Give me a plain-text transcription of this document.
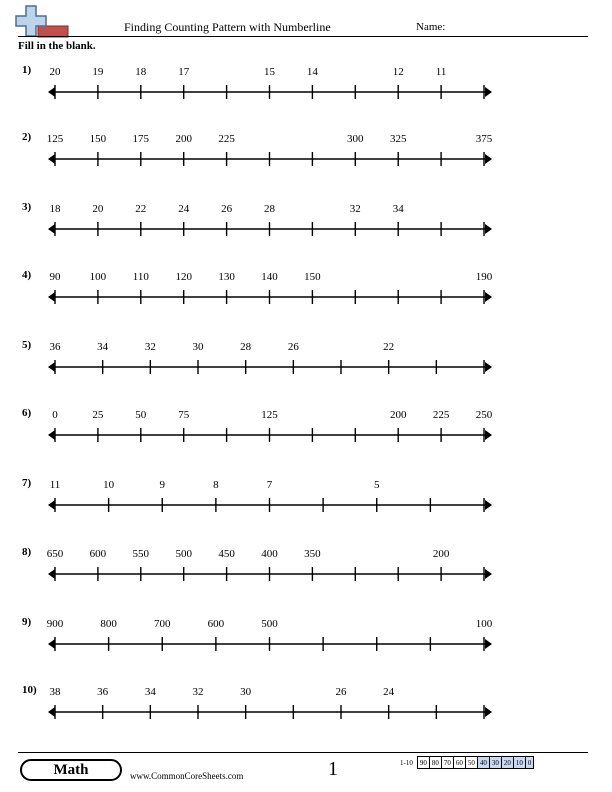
Finding Counting Pattern with Numberline	Name:
Fill in the blank.
1) 20	19	18	17	15	14	12	11
2) 125 150 175 200 225	300 325	375
3) 18	20	22	24	26	28	32	34
4) 90	100 110 120 130 140 150	190
5) 36	34	32	30	28	26	22
6) 0	25	50	75	125	200 225 250
7) 11	10	9	8	7	5
8) 650 600 550 500 450 400 350	200
9) 900	800	700	600	500	100
10) 38	36	34	32	30	26	24
Math	www.CommonCoreSheets.com	1	1-10	90	80	70	60	50	40	30	20	10	0
